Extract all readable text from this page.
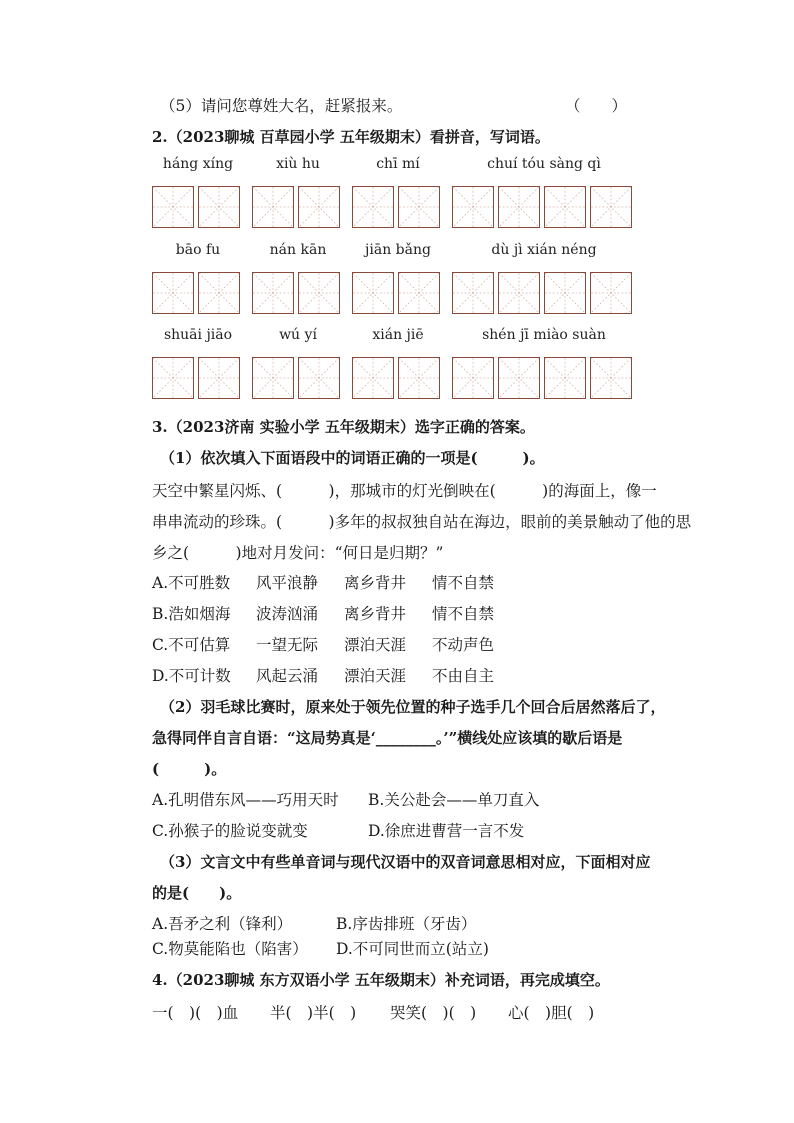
（5）请问您尊姓大名，赶紧报来。	（　　）
2.（2023聊城 百草园小学 五年级期末）看拼音，写词语。
háng xíng	xiù hu	chī mí	chuí tóu sàng qì
bāo fu	nán kān	jiān bǎng	dù jì xián néng
shuāi jiāo	wú yí	xián jiē	shén jī miào suàn
3.（2023济南 实验小学 五年级期末）选字正确的答案。
（1）依次填入下面语段中的词语正确的一项是(　　　)。
天空中繁星闪烁、(　　　)，那城市的灯光倒映在(　　　)的海面上，像一
串串流动的珍珠。(　　　)多年的叔叔独自站在海边，眼前的美景触动了他的思
乡之(　　　)地对月发问：“何日是归期？”
A.不可胜数 风平浪静 离乡背井 情不自禁
B.浩如烟海 波涛汹涌 离乡背井 情不自禁
C.不可估算 一望无际 漂泊天涯 不动声色
D.不可计数 风起云涌 漂泊天涯 不由自主
（2）羽毛球比赛时，原来处于领先位置的种子选手几个回合后居然落后了，
急得同伴自言自语：“这局势真是‘________。’”横线处应该填的歇后语是
(　　　)。
A.孔明借东风——巧用天时 B.关公赴会——单刀直入
C.孙猴子的脸说变就变	D.徐庶进曹营一言不发
（3）文言文中有些单音词与现代汉语中的双音词意思相对应，下面相对应
的是(　　)。
A.吾矛之利（锋利）	B.序齿排班（牙齿）
C.物莫能陷也（陷害） D.不可同世而立(站立)
4.（2023聊城 东方双语小学 五年级期末）补充词语，再完成填空。
一(　)(　)血 半(　)半(　) 哭笑(　)(　) 心(　)胆(　)
